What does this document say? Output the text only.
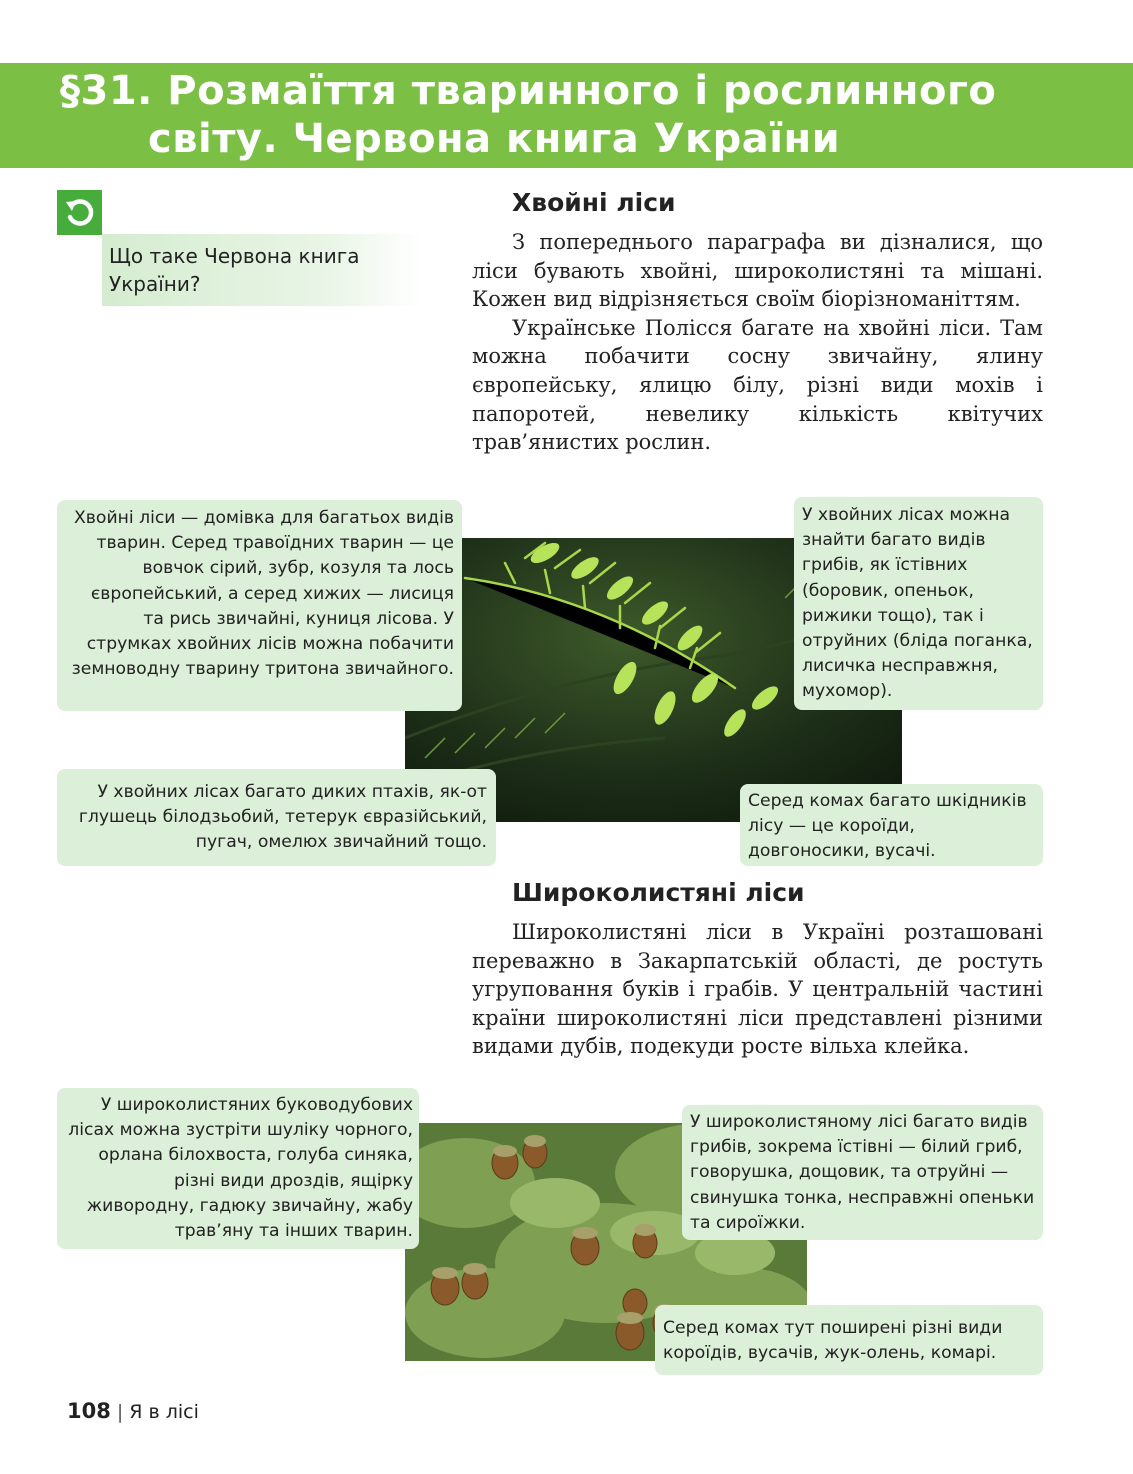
§31. Розмаїття тваринного і рослинного
світу. Червона книга України

Що таке Червона книга України?

Хвойні ліси

З попереднього параграфа ви дізналися, що ліси бувають хвойні, широколистяні та мішані. Кожен вид відрізняється своїм біорізноманіттям.

Українське Полісся багате на хвойні ліси. Там можна побачити сосну звичайну, ялину європейську, ялицю білу, різні види мохів і папоротей, невелику кількість квітучих трав’янистих рослин.

Хвойні ліси — домівка для багатьох видів тварин. Серед травоїдних тварин — це вовчок сірий, зубр, козуля та лось європейський, а серед хижих — лисиця та рись звичайні, куниця лісова. У струмках хвойних лісів можна побачити земноводну тварину тритона звичайного.

У хвойних лісах можна знайти багато видів грибів, як їстівних (боровик, опеньок, рижики тощо), так і отруйних (бліда поганка, лисичка несправжня, мухомор).

У хвойних лісах багато диких птахів, як-от глушець білодзьобий, тетерук євразійський, пугач, омелюх звичайний тощо.

Серед комах багато шкідників лісу — це короїди, довгоносики, вусачі.

Широколистяні ліси

Широколистяні ліси в Україні розташовані переважно в Закарпатській області, де ростуть угруповання буків і грабів. У центральній частині країни широколистяні ліси представлені різними видами дубів, подекуди росте вільха клейка.

У широколистяних буководубових лісах можна зустріти шуліку чорного, орлана білохвоста, голуба синяка, різні види дроздів, ящірку живородну, гадюку звичайну, жабу трав’яну та інших тварин.

У широколистяному лісі багато видів грибів, зокрема їстівні — білий гриб, говорушка, дощовик, та отруйні — свинушка тонка, несправжні опеньки та сироїжки.

Серед комах тут поширені різні види короїдів, вусачів, жук-олень, комарі.

108 | Я в лісі
